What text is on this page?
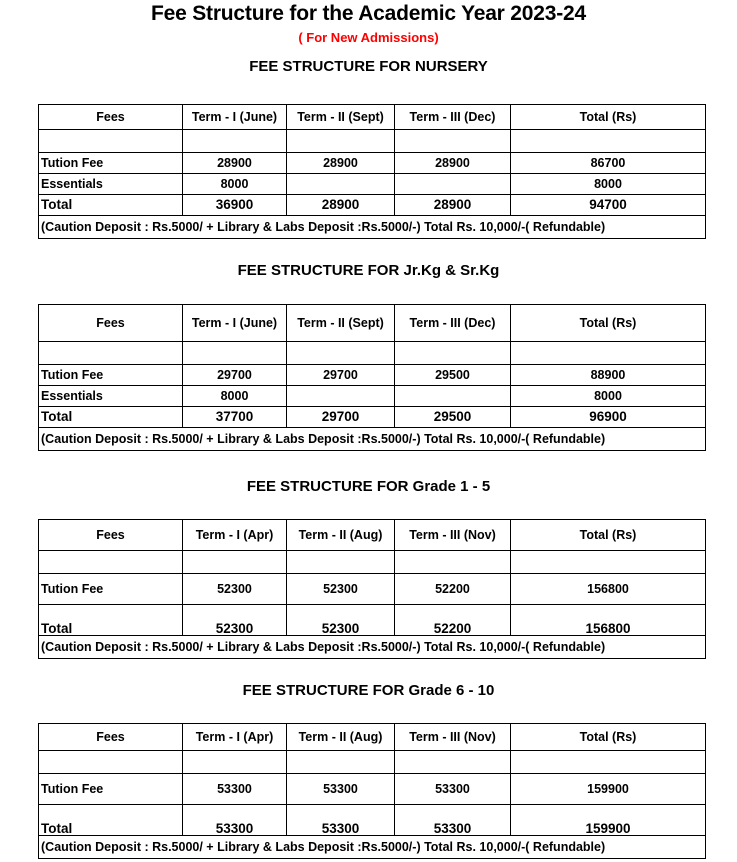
Fee Structure for the Academic Year 2023-24
( For New Admissions)
FEE STRUCTURE FOR NURSERY
Fees	Term - I (June)	Term - II (Sept)	Term - III (Dec)	Total (Rs)

Tution Fee	28900	28900	28900	86700
Essentials	8000			8000
Total	36900	28900	28900	94700
(Caution Deposit : Rs.5000/ + Library & Labs Deposit :Rs.5000/-) Total Rs. 10,000/-( Refundable)				
FEE STRUCTURE FOR Jr.Kg & Sr.Kg
Fees	Term - I (June)	Term - II (Sept)	Term - III (Dec)	Total (Rs)

Tution Fee	29700	29700	29500	88900
Essentials	8000			8000
Total	37700	29700	29500	96900
(Caution Deposit : Rs.5000/ + Library & Labs Deposit :Rs.5000/-) Total Rs. 10,000/-( Refundable)				
FEE STRUCTURE FOR Grade 1 - 5
Fees	Term - I (Apr)	Term - II (Aug)	Term - III (Nov)	Total (Rs)

Tution Fee	52300	52300	52200	156800
Total	52300	52300	52200	156800
(Caution Deposit : Rs.5000/ + Library & Labs Deposit :Rs.5000/-) Total Rs. 10,000/-( Refundable)				
FEE STRUCTURE FOR Grade 6 - 10
Fees	Term - I (Apr)	Term - II (Aug)	Term - III (Nov)	Total (Rs)

Tution Fee	53300	53300	53300	159900
Total	53300	53300	53300	159900
(Caution Deposit : Rs.5000/ + Library & Labs Deposit :Rs.5000/-) Total Rs. 10,000/-( Refundable)				
